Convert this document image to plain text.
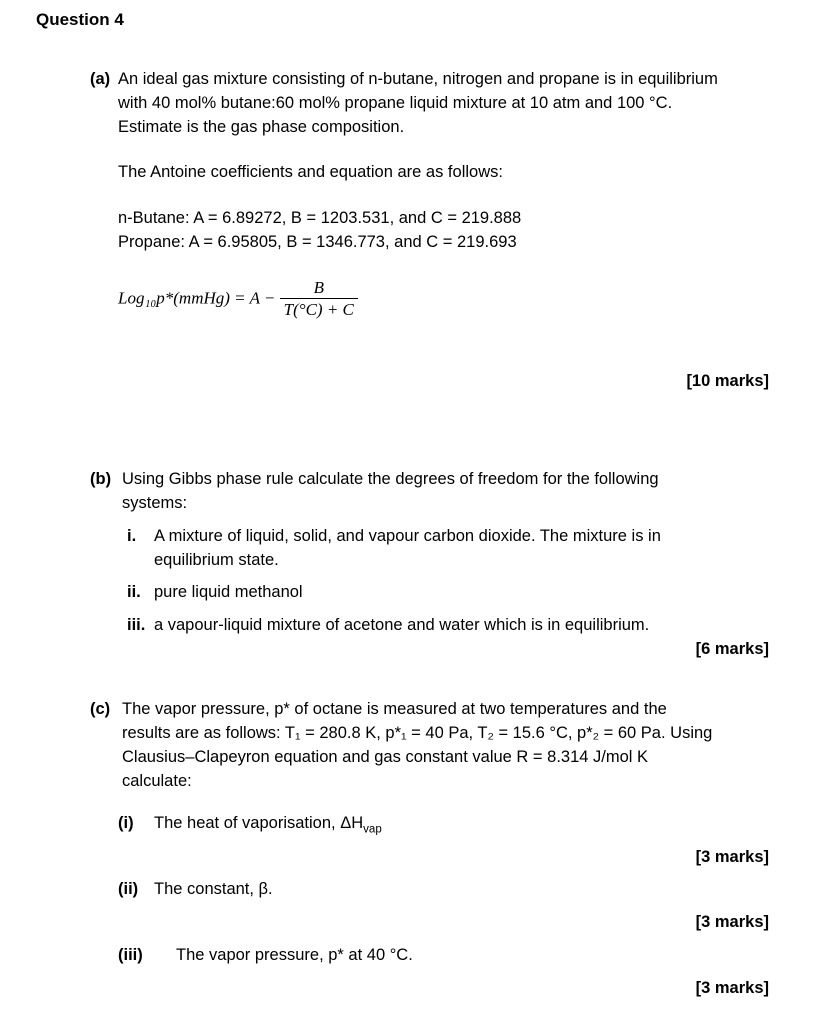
Question 4
(a) An ideal gas mixture consisting of n-butane, nitrogen and propane is in equilibrium
with 40 mol% butane:60 mol% propane liquid mixture at 10 atm and 100 °C.
Estimate is the gas phase composition.
The Antoine coefficients and equation are as follows:
n-Butane: A = 6.89272, B = 1203.531, and C = 219.888
Propane: A = 6.95805, B = 1346.773, and C = 219.693
Log₁₀p*(mmHg) = $A - \frac{B}{T(^\circ C) + C}$
[10 marks]
(b) Using Gibbs phase rule calculate the degrees of freedom for the following
systems:
i. A mixture of liquid, solid, and vapour carbon dioxide. The mixture is in
equilibrium state.
ii. pure liquid methanol
iii. a vapour-liquid mixture of acetone and water which is in equilibrium.
[6 marks]
(c) The vapor pressure, p* of octane is measured at two temperatures and the
results are as follows: T₁ = 280.8 K, p*₁ = 40 Pa, T₂ = 15.6 °C, p*₂ = 60 Pa. Using
Clausius–Clapeyron equation and gas constant value R = 8.314 J/mol K
calculate:
(i) The heat of vaporisation, $\Delta H_{vap}$
[3 marks]
(ii) The constant, β.
[3 marks]
(iii) The vapor pressure, p* at 40 °C.
[3 marks]
